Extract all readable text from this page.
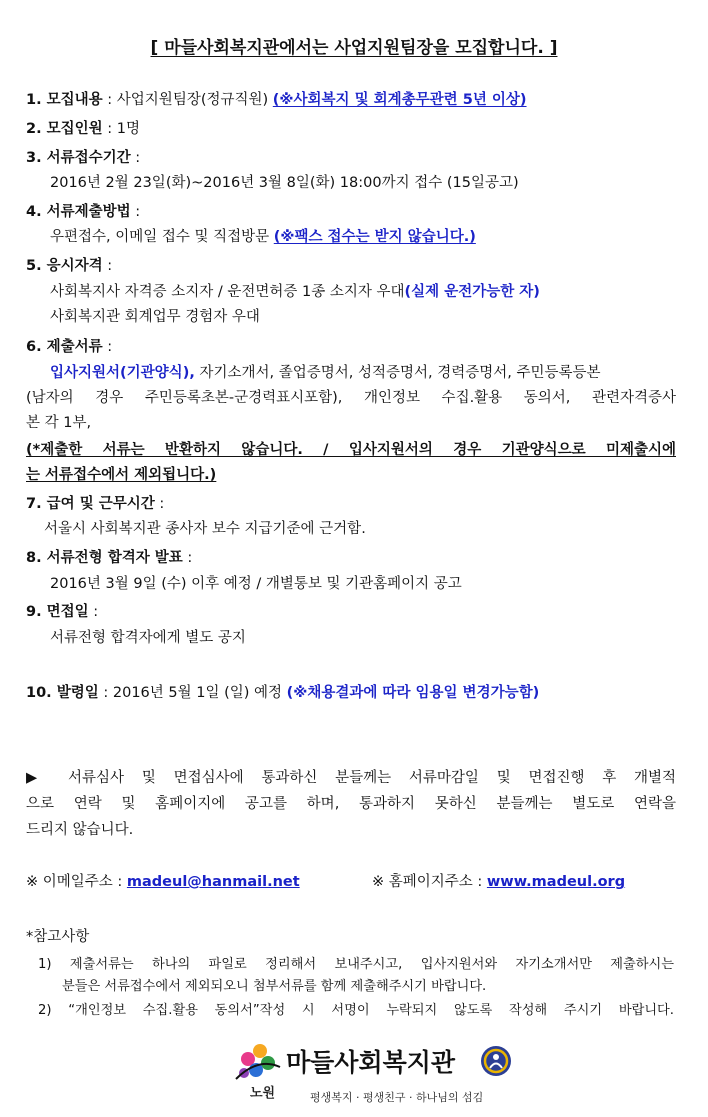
[ 마들사회복지관에서는 사업지원팀장을 모집합니다. ]
1. 모집내용 : 사업지원팀장(정규직원) (※사회복지 및 회계총무관련 5년 이상)
2. 모집인원 : 1명
3. 서류접수기간 :
2016년 2월 23일(화)~2016년 3월 8일(화) 18:00까지 접수 (15일공고)
4. 서류제출방법 :
우편접수, 이메일 접수 및 직접방문 (※팩스 접수는 받지 않습니다.)
5. 응시자격 :
사회복지사 자격증 소지자 / 운전면허증 1종 소지자 우대(실제 운전가능한 자)
사회복지관 회계업무 경험자 우대
6. 제출서류 :
입사지원서(기관양식), 자기소개서, 졸업증명서, 성적증명서, 경력증명서, 주민등록등본
(남자의 경우 주민등록초본-군경력표시포함), 개인정보 수집.활용 동의서, 관련자격증사
본 각 1부,
(*제출한 서류는 반환하지 않습니다. / 입사지원서의 경우 기관양식으로 미제출시에
는 서류접수에서 제외됩니다.)
7. 급여 및 근무시간 :
서울시 사회복지관 종사자 보수 지급기준에 근거함.
8. 서류전형 합격자 발표 :
2016년 3월 9일 (수) 이후 예정 / 개별통보 및 기관홈페이지 공고
9. 면접일 :
서류전형 합격자에게 별도 공지
10. 발령일 : 2016년 5월 1일 (일) 예정 (※채용결과에 따라 임용일 변경가능함)
▶ 서류심사 및 면접심사에 통과하신 분들께는 서류마감일 및 면접진행 후 개별적
으로 연락 및 홈페이지에 공고를 하며, 통과하지 못하신 분들께는 별도로 연락을
드리지 않습니다.
※ 이메일주소 : madeul@hanmail.net	※ 홈페이지주소 : www.madeul.org
*참고사항
1) 제출서류는 하나의 파일로 정리해서 보내주시고, 입사지원서와 자기소개서만 제출하시는
분들은 서류접수에서 제외되오니 첨부서류를 함께 제출해주시기 바랍니다.
2) “개인정보 수집.활용 동의서”작성 시 서명이 누락되지 않도록 작성해 주시기 바랍니다.
노원
마들사회복지관
평생복지 · 평생친구 · 하나님의 섬김
